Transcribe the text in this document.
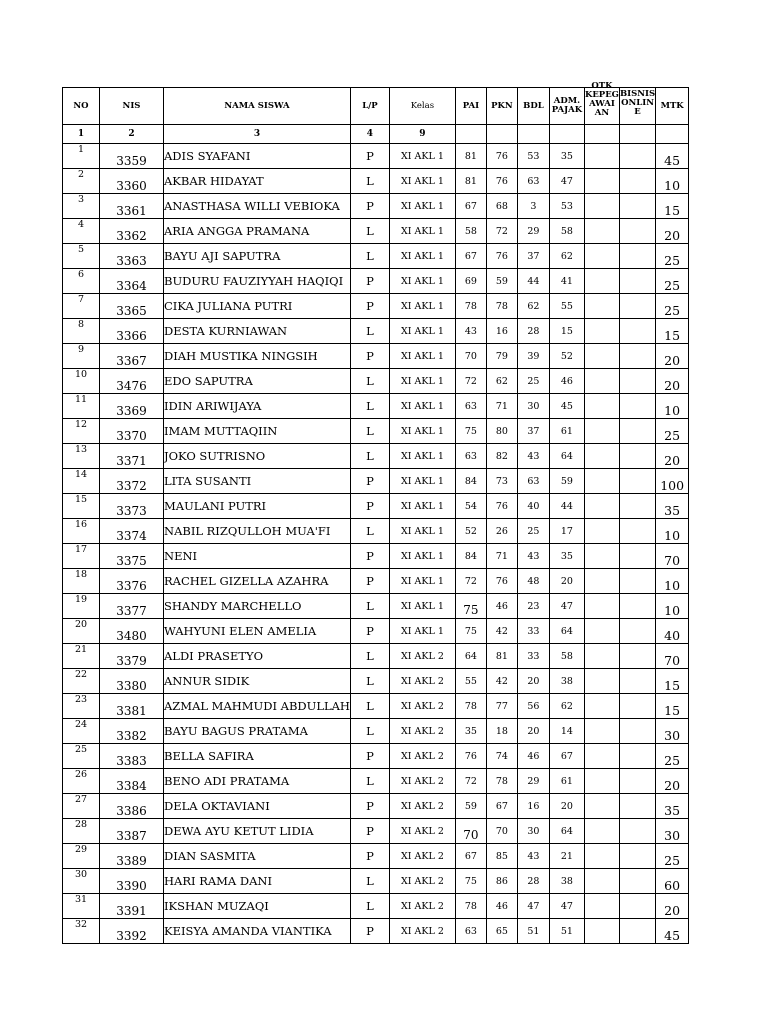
NO	NIS	NAMA SISWA	L/P	Kelas	PAI	PKN	BDL	ADM. PAJAK	OTK KEPEG AWAI AN	BISNIS ONLIN E	MTK
1	2	3	4	9							
1	3359	ADIS SYAFANI	P	XI AKL 1	81	76	53	35			45
2	3360	AKBAR HIDAYAT	L	XI AKL 1	81	76	63	47			10
3	3361	ANASTHASA WILLI VEBIOKA	P	XI AKL 1	67	68	3	53			15
4	3362	ARIA ANGGA PRAMANA	L	XI AKL 1	58	72	29	58			20
5	3363	BAYU AJI SAPUTRA	L	XI AKL 1	67	76	37	62			25
6	3364	BUDURU FAUZIYYAH HAQIQI	P	XI AKL 1	69	59	44	41			25
7	3365	CIKA JULIANA PUTRI	P	XI AKL 1	78	78	62	55			25
8	3366	DESTA KURNIAWAN	L	XI AKL 1	43	16	28	15			15
9	3367	DIAH MUSTIKA NINGSIH	P	XI AKL 1	70	79	39	52			20
10	3476	EDO SAPUTRA	L	XI AKL 1	72	62	25	46			20
11	3369	IDIN ARIWIJAYA	L	XI AKL 1	63	71	30	45			10
12	3370	IMAM MUTTAQIIN	L	XI AKL 1	75	80	37	61			25
13	3371	JOKO SUTRISNO	L	XI AKL 1	63	82	43	64			20
14	3372	LITA SUSANTI	P	XI AKL 1	84	73	63	59			100
15	3373	MAULANI PUTRI	P	XI AKL 1	54	76	40	44			35
16	3374	NABIL RIZQULLOH MUA'FI	L	XI AKL 1	52	26	25	17			10
17	3375	NENI	P	XI AKL 1	84	71	43	35			70
18	3376	RACHEL GIZELLA AZAHRA	P	XI AKL 1	72	76	48	20			10
19	3377	SHANDY MARCHELLO	L	XI AKL 1	75	46	23	47			10
20	3480	WAHYUNI ELEN AMELIA	P	XI AKL 1	75	42	33	64			40
21	3379	ALDI PRASETYO	L	XI AKL 2	64	81	33	58			70
22	3380	ANNUR SIDIK	L	XI AKL 2	55	42	20	38			15
23	3381	AZMAL MAHMUDI ABDULLAH	L	XI AKL 2	78	77	56	62			15
24	3382	BAYU BAGUS PRATAMA	L	XI AKL 2	35	18	20	14			30
25	3383	BELLA SAFIRA	P	XI AKL 2	76	74	46	67			25
26	3384	BENO ADI PRATAMA	L	XI AKL 2	72	78	29	61			20
27	3386	DELA OKTAVIANI	P	XI AKL 2	59	67	16	20			35
28	3387	DEWA AYU KETUT LIDIA	P	XI AKL 2	70	70	30	64			30
29	3389	DIAN SASMITA	P	XI AKL 2	67	85	43	21			25
30	3390	HARI RAMA DANI	L	XI AKL 2	75	86	28	38			60
31	3391	IKSHAN MUZAQI	L	XI AKL 2	78	46	47	47			20
32	3392	KEISYA AMANDA VIANTIKA	P	XI AKL 2	63	65	51	51			45
